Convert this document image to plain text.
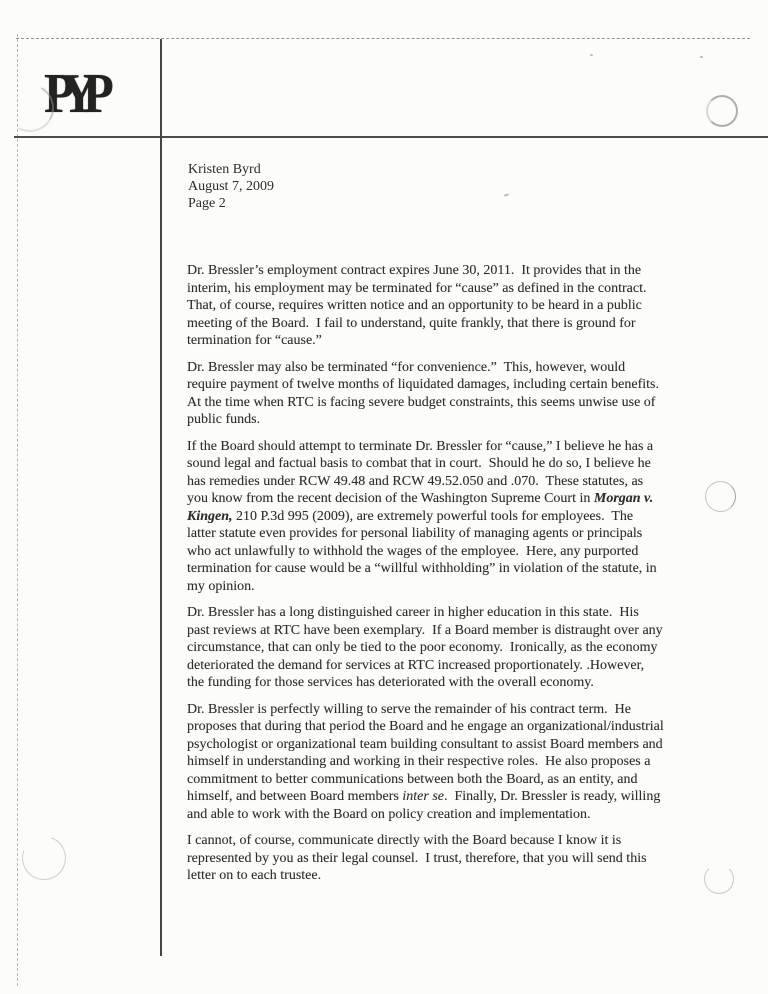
PYP
Kristen Byrd
August 7, 2009
Page 2
Dr. Bressler’s employment contract expires June 30, 2011.  It provides that in the interim, his employment may be terminated for “cause” as defined in the contract.  That, of course, requires written notice and an opportunity to be heard in a public meeting of the Board.  I fail to understand, quite frankly, that there is ground for termination for “cause.”
Dr. Bressler may also be terminated “for convenience.”  This, however, would require payment of twelve months of liquidated damages, including certain benefits.  At the time when RTC is facing severe budget constraints, this seems unwise use of public funds.
If the Board should attempt to terminate Dr. Bressler for “cause,” I believe he has a sound legal and factual basis to combat that in court.  Should he do so, I believe he has remedies under RCW 49.48 and RCW 49.52.050 and .070.  These statutes, as you know from the recent decision of the Washington Supreme Court in Morgan v. Kingen, 210 P.3d 995 (2009), are extremely powerful tools for employees.  The latter statute even provides for personal liability of managing agents or principals who act unlawfully to withhold the wages of the employee.  Here, any purported termination for cause would be a “willful withholding” in violation of the statute, in my opinion.
Dr. Bressler has a long distinguished career in higher education in this state.  His past reviews at RTC have been exemplary.  If a Board member is distraught over any circumstance, that can only be tied to the poor economy.  Ironically, as the economy deteriorated the demand for services at RTC increased proportionately. .However, the funding for those services has deteriorated with the overall economy.
Dr. Bressler is perfectly willing to serve the remainder of his contract term.  He proposes that during that period the Board and he engage an organizational/industrial psychologist or organizational team building consultant to assist Board members and himself in understanding and working in their respective roles.  He also proposes a commitment to better communications between both the Board, as an entity, and himself, and between Board members inter se.  Finally, Dr. Bressler is ready, willing and able to work with the Board on policy creation and implementation.
I cannot, of course, communicate directly with the Board because I know it is represented by you as their legal counsel.  I trust, therefore, that you will send this letter on to each trustee.
